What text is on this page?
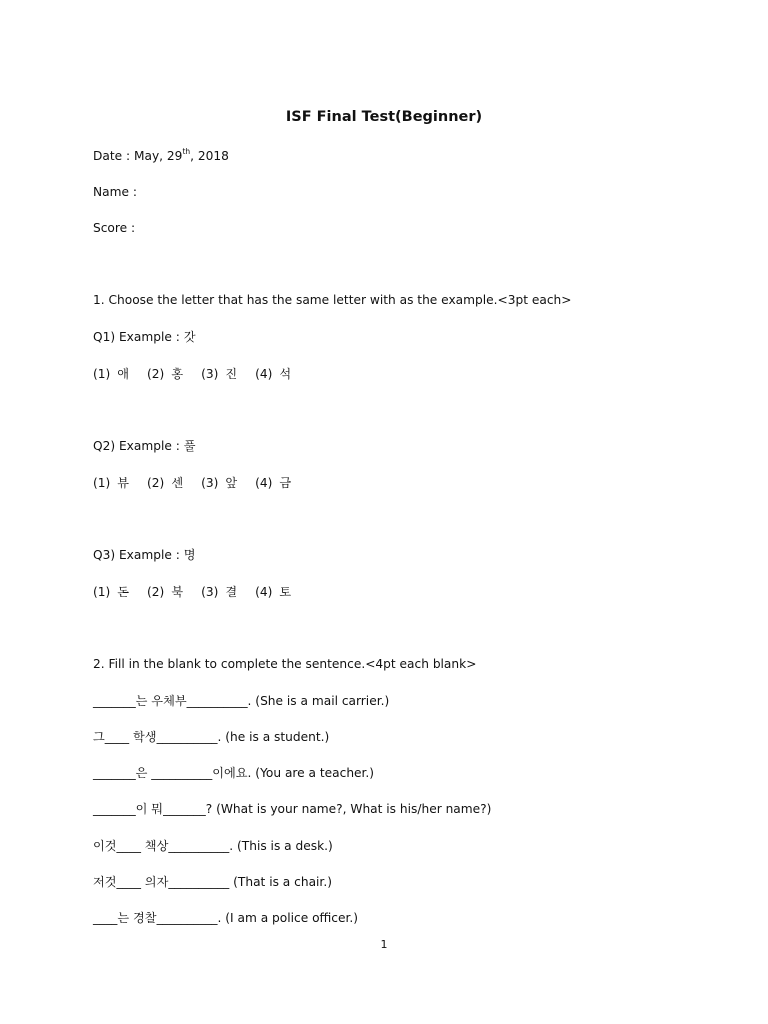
ISF Final Test(Beginner)
Date : May, 29th, 2018
Name :
Score :
1. Choose the letter that has the same letter with as the example.<3pt each>
Q1) Example : 갓
(1) 애 (2) 홍 (3) 진 (4) 석
Q2) Example : 풀
(1) 뷰 (2) 센 (3) 앞 (4) 금
Q3) Example : 명
(1) 돈 (2) 북 (3) 결 (4) 토
2. Fill in the blank to complete the sentence.<4pt each blank>
_______는 우체부__________. (She is a mail carrier.)
그____ 학생__________. (he is a student.)
_______은 __________이에요. (You are a teacher.)
_______이 뭐_______? (What is your name?, What is his/her name?)
이것____ 책상__________. (This is a desk.)
저것____ 의자__________ (That is a chair.)
____는 경찰__________. (I am a police officer.)
1
